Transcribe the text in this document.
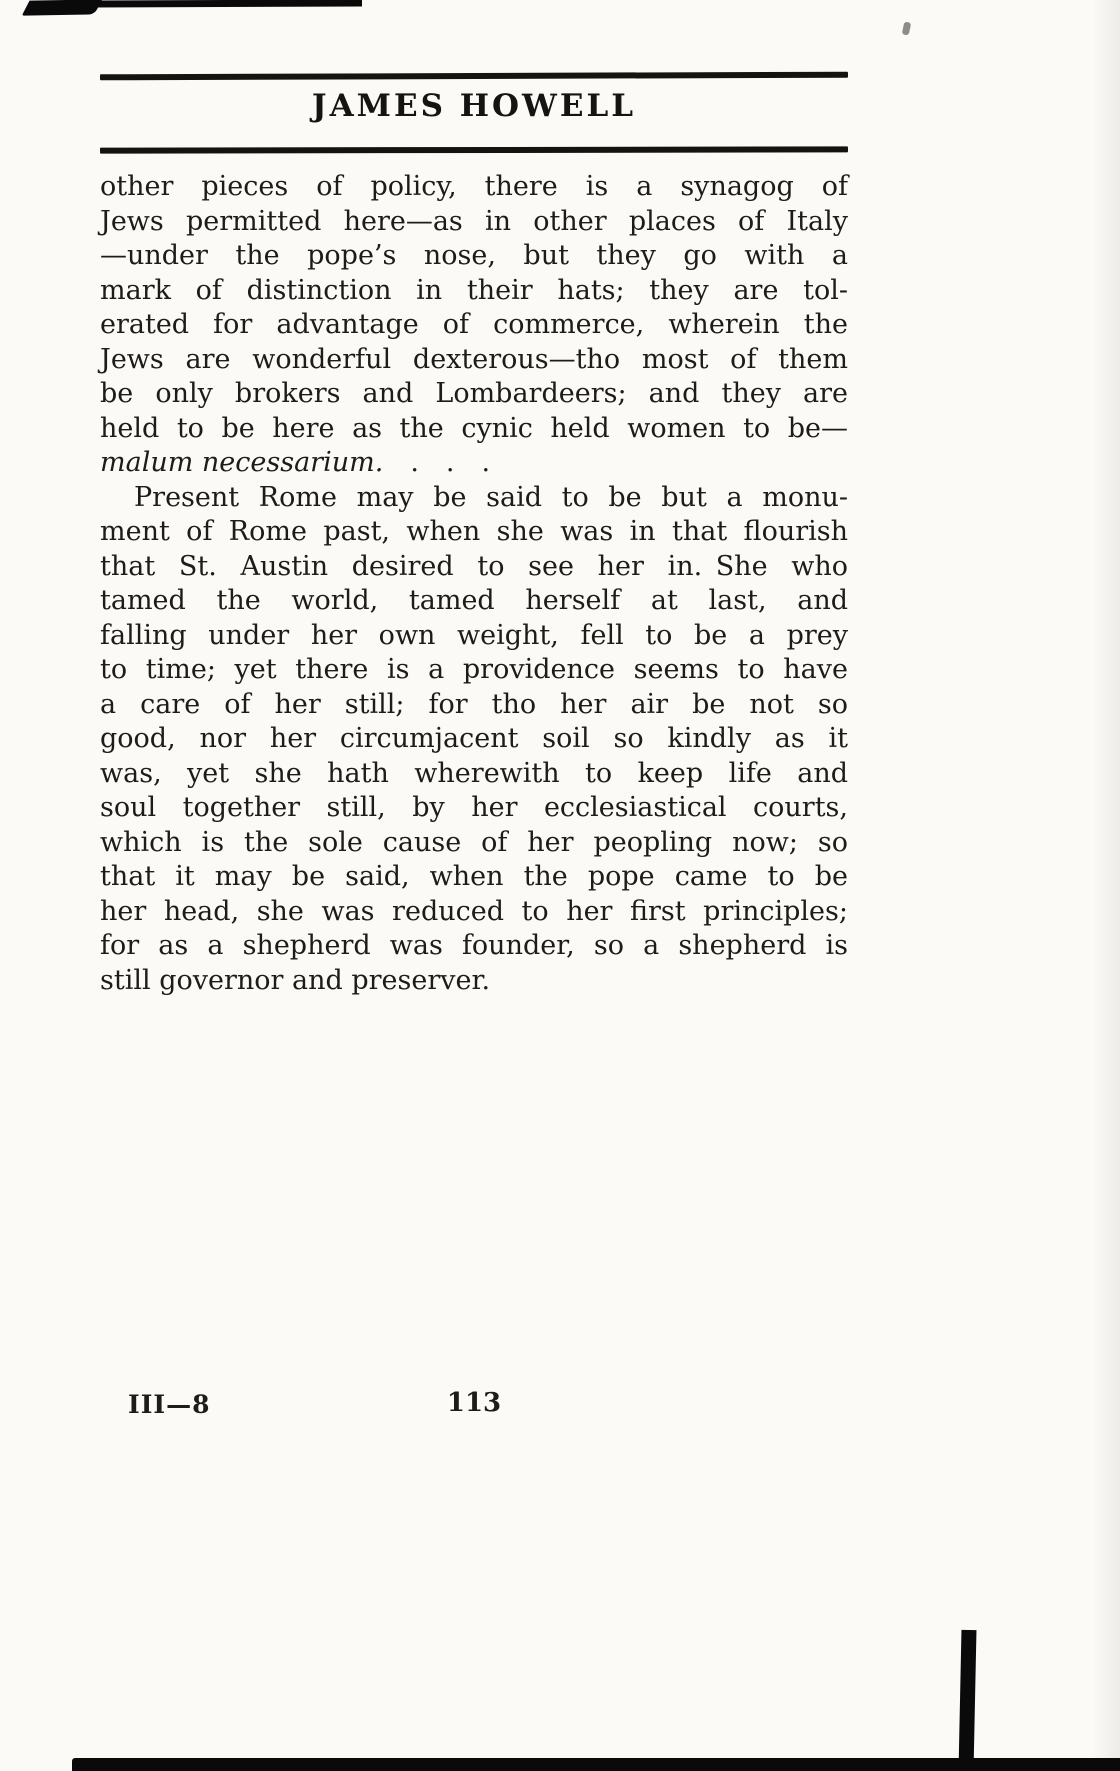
JAMES HOWELL
other pieces of policy, there is a synagog of
Jews permitted here—as in other places of Italy
—under the pope’s nose, but they go with a
mark of distinction in their hats; they are tol-
erated for advantage of commerce, wherein the
Jews are wonderful dexterous—tho most of them
be only brokers and Lombardeers; and they are
held to be here as the cynic held women to be—
malum necessarium. . . .
Present Rome may be said to be but a monu-
ment of Rome past, when she was in that flourish
that St. Austin desired to see her in. She who
tamed the world, tamed herself at last, and
falling under her own weight, fell to be a prey
to time; yet there is a providence seems to have
a care of her still; for tho her air be not so
good, nor her circumjacent soil so kindly as it
was, yet she hath wherewith to keep life and
soul together still, by her ecclesiastical courts,
which is the sole cause of her peopling now; so
that it may be said, when the pope came to be
her head, she was reduced to her first principles;
for as a shepherd was founder, so a shepherd is
still governor and preserver.
III—8	113
